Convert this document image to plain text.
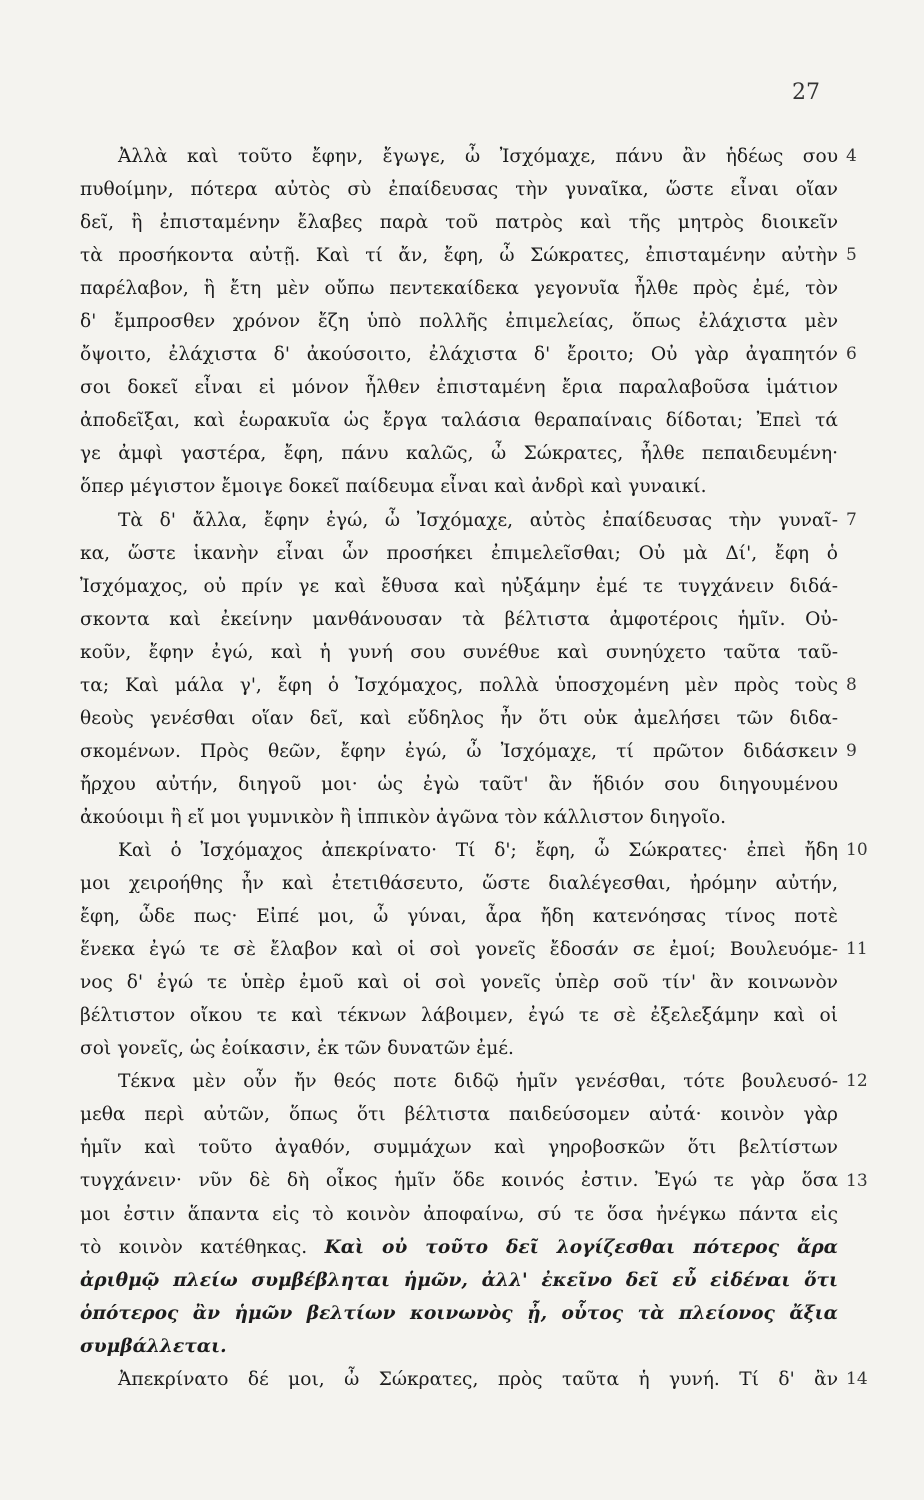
27
Ἀλλὰ καὶ τοῦτο ἔφην, ἔγωγε, ὦ Ἰσχόμαχε, πάνυ ἂν ἡδέως σου
πυθοίμην, πότερα αὐτὸς σὺ ἐπαίδευσας τὴν γυναῖκα, ὥστε εἶναι οἵαν
δεῖ, ἢ ἐπισταμένην ἔλαβες παρὰ τοῦ πατρὸς καὶ τῆς μητρὸς διοικεῖν
τὰ προσήκοντα αὐτῇ. Καὶ τί ἄν, ἔφη, ὦ Σώκρατες, ἐπισταμένην αὐτὴν
παρέλαβον, ἣ ἔτη μὲν οὔπω πεντεκαίδεκα γεγονυῖα ἦλθε πρὸς ἐμέ, τὸν
δ' ἔμπροσθεν χρόνον ἔζη ὑπὸ πολλῆς ἐπιμελείας, ὅπως ἐλάχιστα μὲν
ὄψοιτο, ἐλάχιστα δ' ἀκούσοιτο, ἐλάχιστα δ' ἔροιτο; Οὐ γὰρ ἀγαπητόν
σοι δοκεῖ εἶναι εἰ μόνον ἦλθεν ἐπισταμένη ἔρια παραλαβοῦσα ἱμάτιον
ἀποδεῖξαι, καὶ ἑωρακυῖα ὡς ἔργα ταλάσια θεραπαίναις δίδοται; Ἐπεὶ τά
γε ἀμφὶ γαστέρα, ἔφη, πάνυ καλῶς, ὦ Σώκρατες, ἦλθε πεπαιδευμένη·
ὅπερ μέγιστον ἔμοιγε δοκεῖ παίδευμα εἶναι καὶ ἀνδρὶ καὶ γυναικί.
Τὰ δ' ἄλλα, ἔφην ἐγώ, ὦ Ἰσχόμαχε, αὐτὸς ἐπαίδευσας τὴν γυναῖ-
κα, ὥστε ἱκανὴν εἶναι ὧν προσήκει ἐπιμελεῖσθαι; Οὐ μὰ Δί', ἔφη ὁ
Ἰσχόμαχος, οὐ πρίν γε καὶ ἔθυσα καὶ ηὐξάμην ἐμέ τε τυγχάνειν διδά-
σκοντα καὶ ἐκείνην μανθάνουσαν τὰ βέλτιστα ἀμφοτέροις ἡμῖν. Οὐ-
κοῦν, ἔφην ἐγώ, καὶ ἡ γυνή σου συνέθυε καὶ συνηύχετο ταῦτα ταῦ-
τα; Καὶ μάλα γ', ἔφη ὁ Ἰσχόμαχος, πολλὰ ὑποσχομένη μὲν πρὸς τοὺς
θεοὺς γενέσθαι οἵαν δεῖ, καὶ εὔδηλος ἦν ὅτι οὐκ ἀμελήσει τῶν διδα-
σκομένων. Πρὸς θεῶν, ἔφην ἐγώ, ὦ Ἰσχόμαχε, τί πρῶτον διδάσκειν
ἤρχου αὐτήν, διηγοῦ μοι· ὡς ἐγὼ ταῦτ' ἂν ἥδιόν σου διηγουμένου
ἀκούοιμι ἢ εἴ μοι γυμνικὸν ἢ ἱππικὸν ἀγῶνα τὸν κάλλιστον διηγοῖο.
Καὶ ὁ Ἰσχόμαχος ἀπεκρίνατο· Τί δ'; ἔφη, ὦ Σώκρατες· ἐπεὶ ἤδη
μοι χειροήθης ἦν καὶ ἐτετιθάσευτο, ὥστε διαλέγεσθαι, ἠρόμην αὐτήν,
ἔφη, ὧδε πως· Εἰπέ μοι, ὦ γύναι, ἆρα ἤδη κατενόησας τίνος ποτὲ
ἕνεκα ἐγώ τε σὲ ἔλαβον καὶ οἱ σοὶ γονεῖς ἔδοσάν σε ἐμοί; Βουλευόμε-
νος δ' ἐγώ τε ὑπὲρ ἐμοῦ καὶ οἱ σοὶ γονεῖς ὑπὲρ σοῦ τίν' ἂν κοινωνὸν
βέλτιστον οἴκου τε καὶ τέκνων λάβοιμεν, ἐγώ τε σὲ ἐξελεξάμην καὶ οἱ
σοὶ γονεῖς, ὡς ἐοίκασιν, ἐκ τῶν δυνατῶν ἐμέ.
Τέκνα μὲν οὖν ἤν θεός ποτε διδῷ ἡμῖν γενέσθαι, τότε βουλευσό-
μεθα περὶ αὐτῶν, ὅπως ὅτι βέλτιστα παιδεύσομεν αὐτά· κοινὸν γὰρ
ἡμῖν καὶ τοῦτο ἀγαθόν, συμμάχων καὶ γηροβοσκῶν ὅτι βελτίστων
τυγχάνειν· νῦν δὲ δὴ οἶκος ἡμῖν ὅδε κοινός ἐστιν. Ἐγώ τε γὰρ ὅσα
μοι ἐστιν ἅπαντα εἰς τὸ κοινὸν ἀποφαίνω, σύ τε ὅσα ἠνέγκω πάντα εἰς
τὸ κοινὸν κατέθηκας. Καὶ οὐ τοῦτο δεῖ λογίζεσθαι πότερος ἄρα
ἀριθμῷ πλείω συμβέβληται ἡμῶν, ἀλλ' ἐκεῖνο δεῖ εὖ εἰδέναι ὅτι
ὁπότερος ἂν ἡμῶν βελτίων κοινωνὸς ᾖ, οὗτος τὰ πλείονος ἄξια
συμβάλλεται.
Ἀπεκρίνατο δέ μοι, ὦ Σώκρατες, πρὸς ταῦτα ἡ γυνή. Τί δ' ἂν
4
5
6
7
8
9
10
11
12
13
14
